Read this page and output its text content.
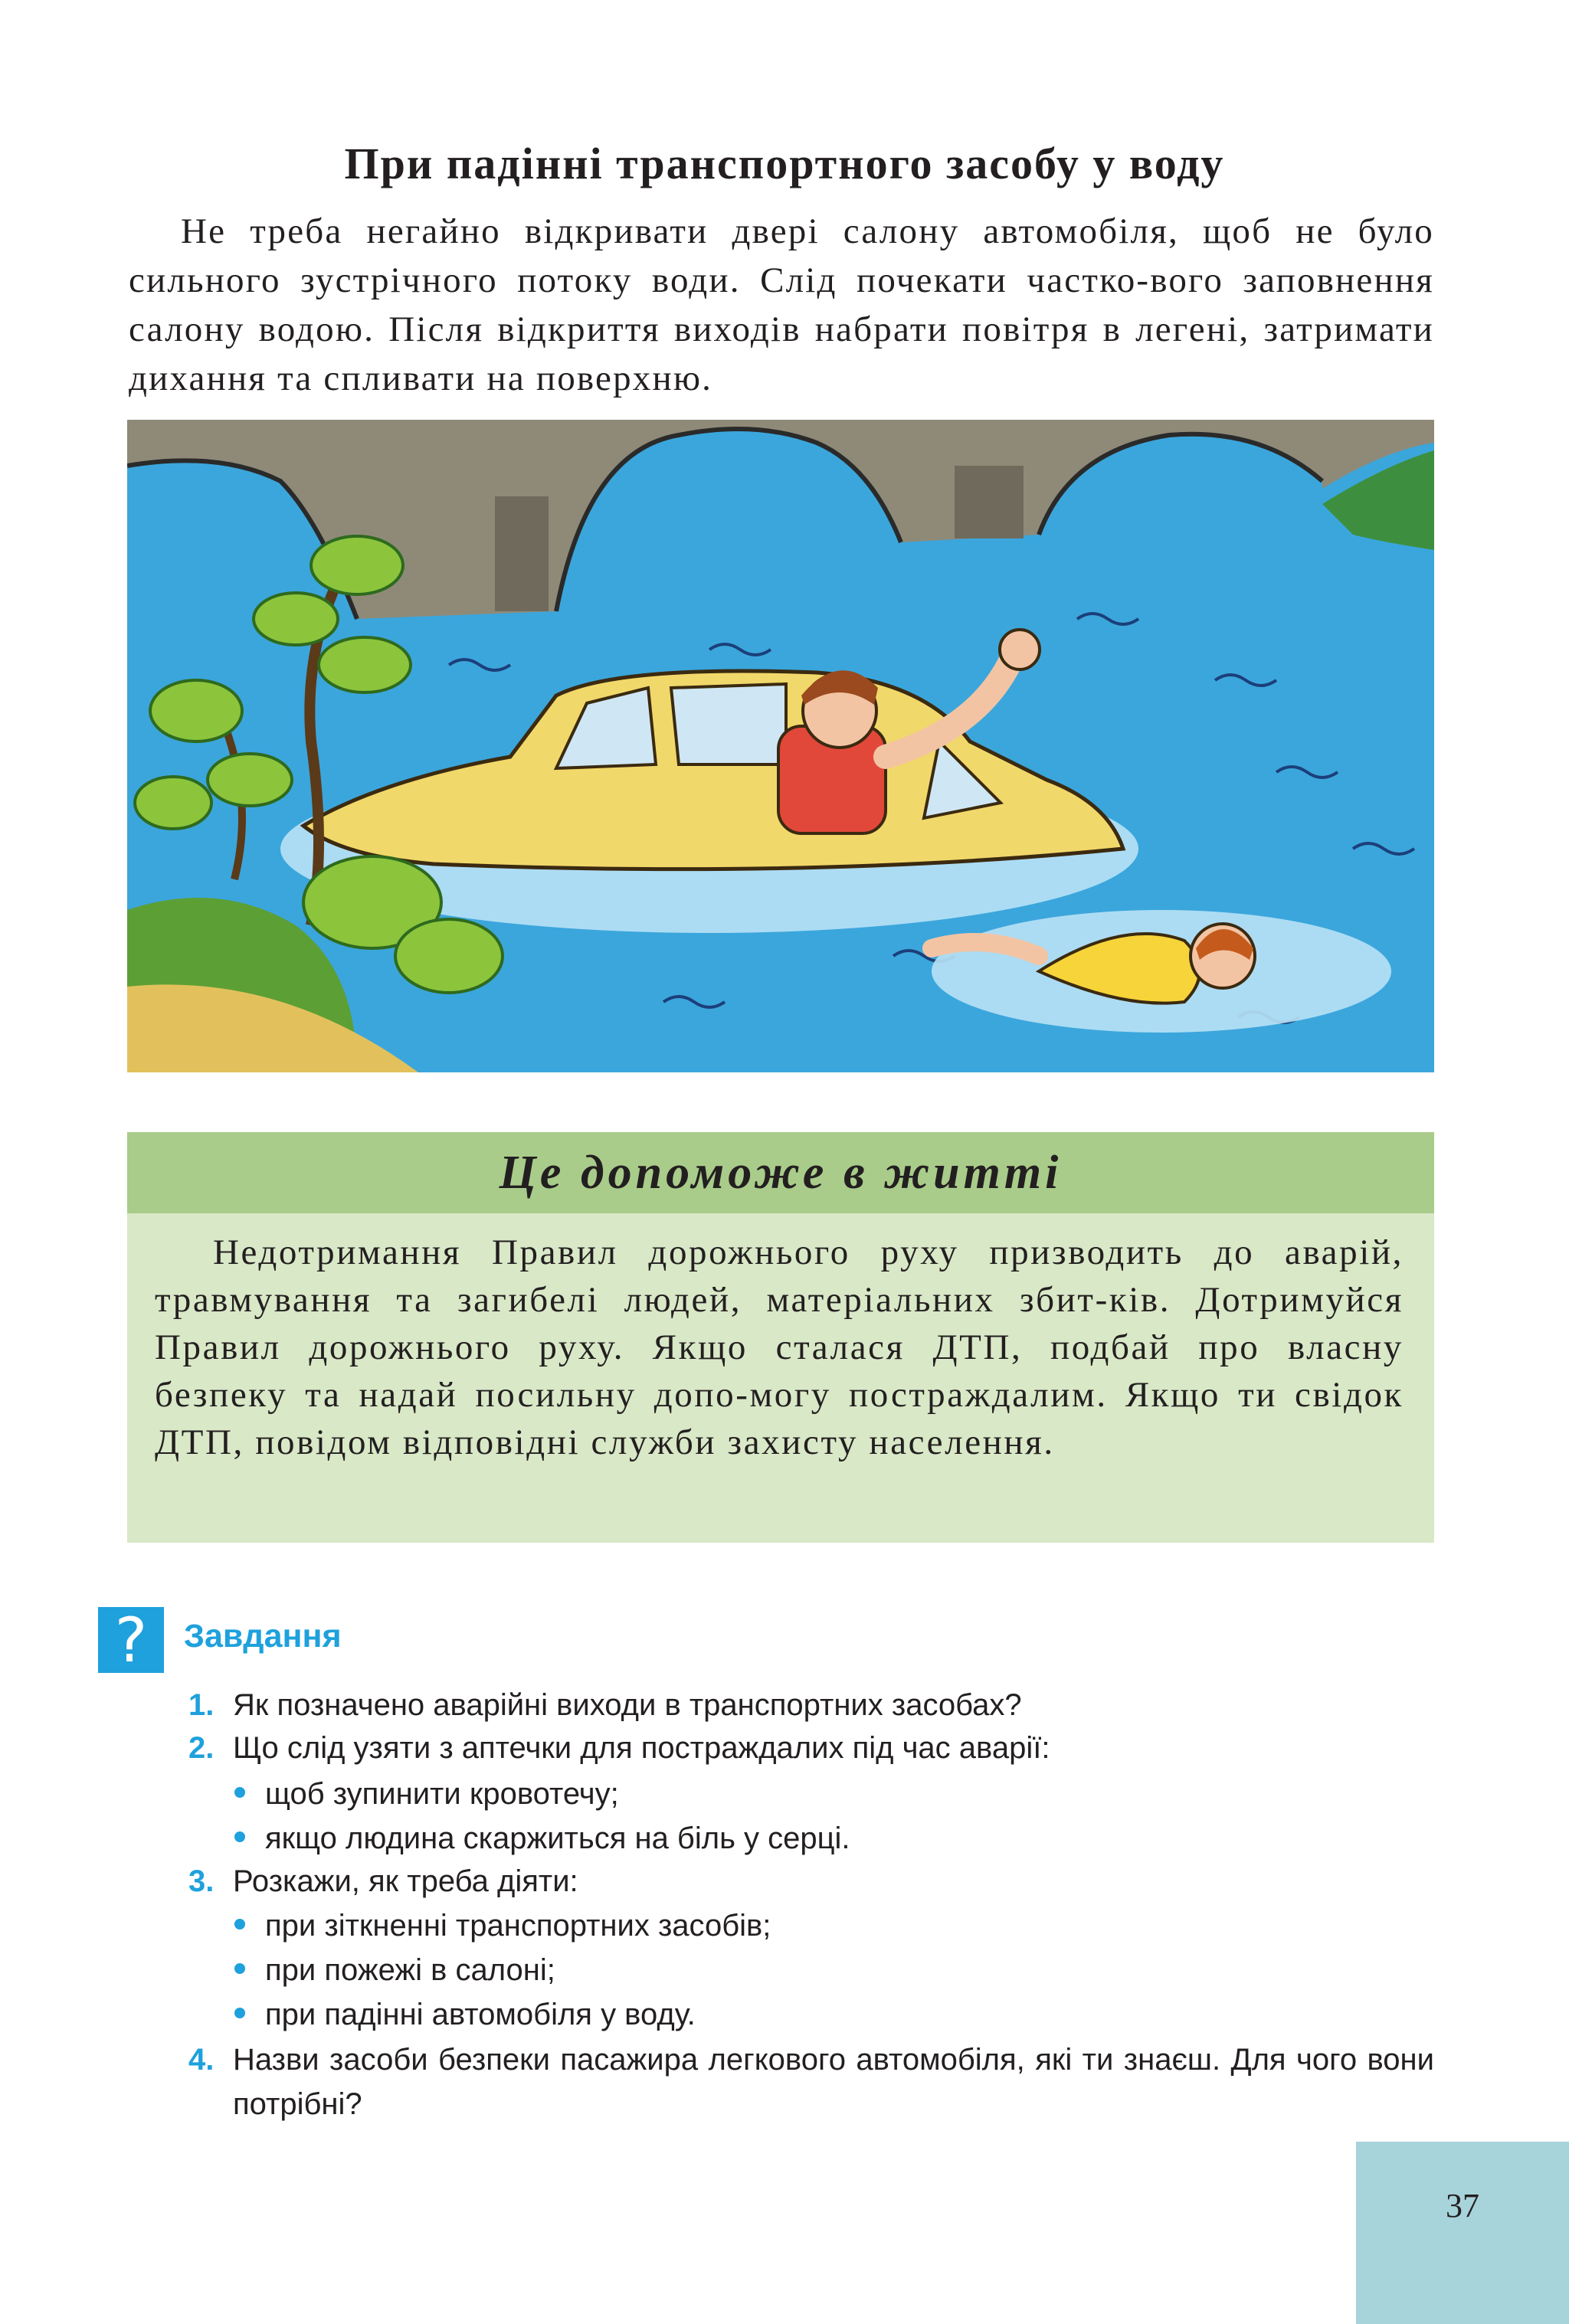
При падінні транспортного засобу у воду
Не треба негайно відкривати двері салону автомобіля, щоб не було сильного зустрічного потоку води. Слід почекати частко-вого заповнення салону водою. Після відкриття виходів набрати повітря в легені, затримати дихання та спливати на поверхню.
Це допоможе в житті
Недотримання Правил дорожнього руху призводить до аварій, травмування та загибелі людей, матеріальних збит-ків. Дотримуйся Правил дорожнього руху. Якщо сталася ДТП, подбай про власну безпеку та надай посильну допо-могу постраждалим. Якщо ти свідок ДТП, повідом відповідні служби захисту населення.
?	Завдання
1. Як позначено аварійні виходи в транспортних засобах?
2. Що слід узяти з аптечки для постраждалих під час аварії:
щоб зупинити кровотечу;
якщо людина скаржиться на біль у серці.
3. Розкажи, як треба діяти:
при зіткненні транспортних засобів;
при пожежі в салоні;
при падінні автомобіля у воду.
4. Назви засоби безпеки пасажира легкового автомобіля, які ти знаєш. Для чого вони потрібні?
37
